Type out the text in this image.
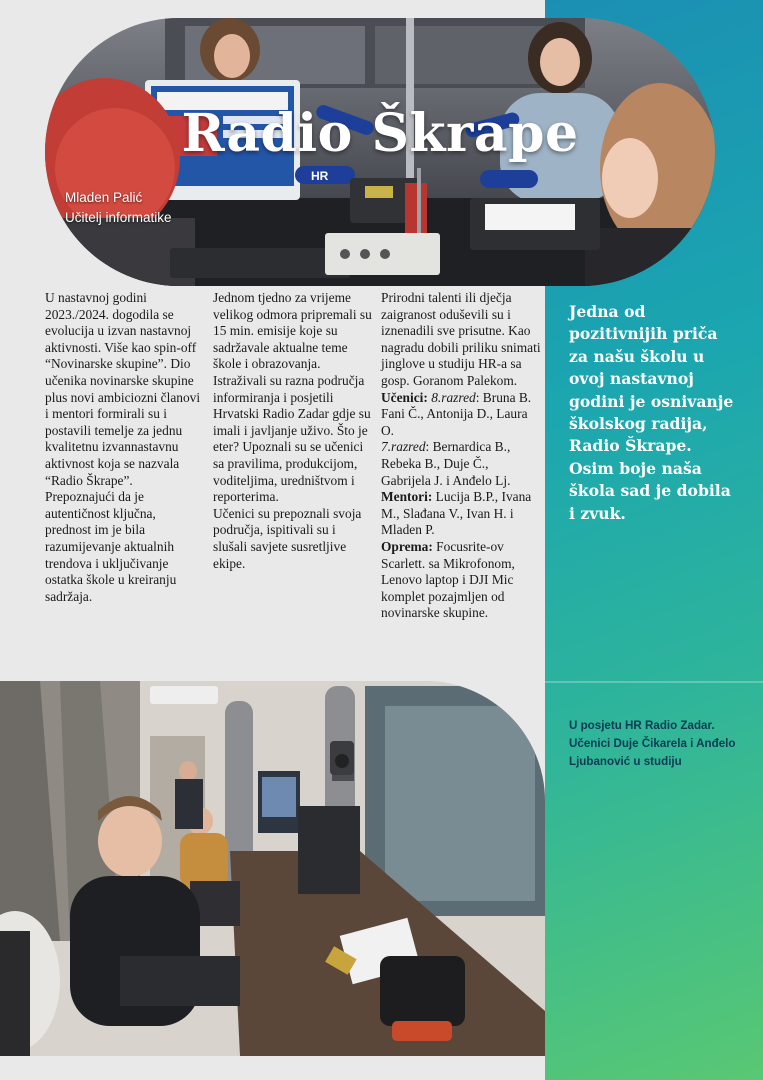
Jedna od pozitivnijih priča za našu školu u ovoj nastavnoj godini je osnivanje školskog radija, Radio Škrape. Osim boje naša škola sad je dobila i zvuk.
U posjetu HR Radio Zadar. Učenici Duje Čikarela i Anđelo Ljubanović u studiju
HR
Radio Škrape
Mladen Palić
Učitelj informatike

U nastavnoj godini 2023./2024. dogodila se evolucija u izvan nastavnoj aktivnosti. Više kao spin-off “Novinarske skupine”. Dio učenika novinarske skupine plus novi ambiciozni članovi i mentori formirali su i postavili temelje za jednu kvalitetnu izvannastavnu aktivnost koja se nazvala “Radio Škrape”. Prepoznajući da je autentičnost ključna, prednost im je bila razumijevanje aktualnih trendova i uključivanje ostatka škole u kreiranju sadržaja.

Jednom tjedno za vrijeme velikog odmora pripremali su 15 min. emisije koje su sadržavale aktualne teme škole i obrazovanja. Istraživali su razna područja informiranja i posjetili Hrvatski Radio Zadar gdje su imali i javljanje uživo. Što je eter? Upoznali su se učenici sa pravilima, produkcijom, voditeljima, uredništvom i reporterima.

Učenici su prepoznali svoja područja, ispitivali su i slušali savjete susretljive ekipe.

Prirodni talenti ili dječja zaigranost oduševili su i iznenadili sve prisutne. Kao nagradu dobili priliku snimati jinglove u studiju HR-a sa gosp. Goranom Palekom.

Učenici: 8.razred: Bruna B. Fani Č., Antonija D., Laura O.

7.razred: Bernardica B., Rebeka B., Duje Č., Gabrijela J. i Anđelo Lj.

Mentori: Lucija B.P., Ivana M., Slađana V., Ivan H. i Mladen P.

Oprema: Focusrite-ov Scarlett. sa Mikrofonom, Lenovo laptop i DJI Mic komplet pozajmljen od novinarske skupine.
